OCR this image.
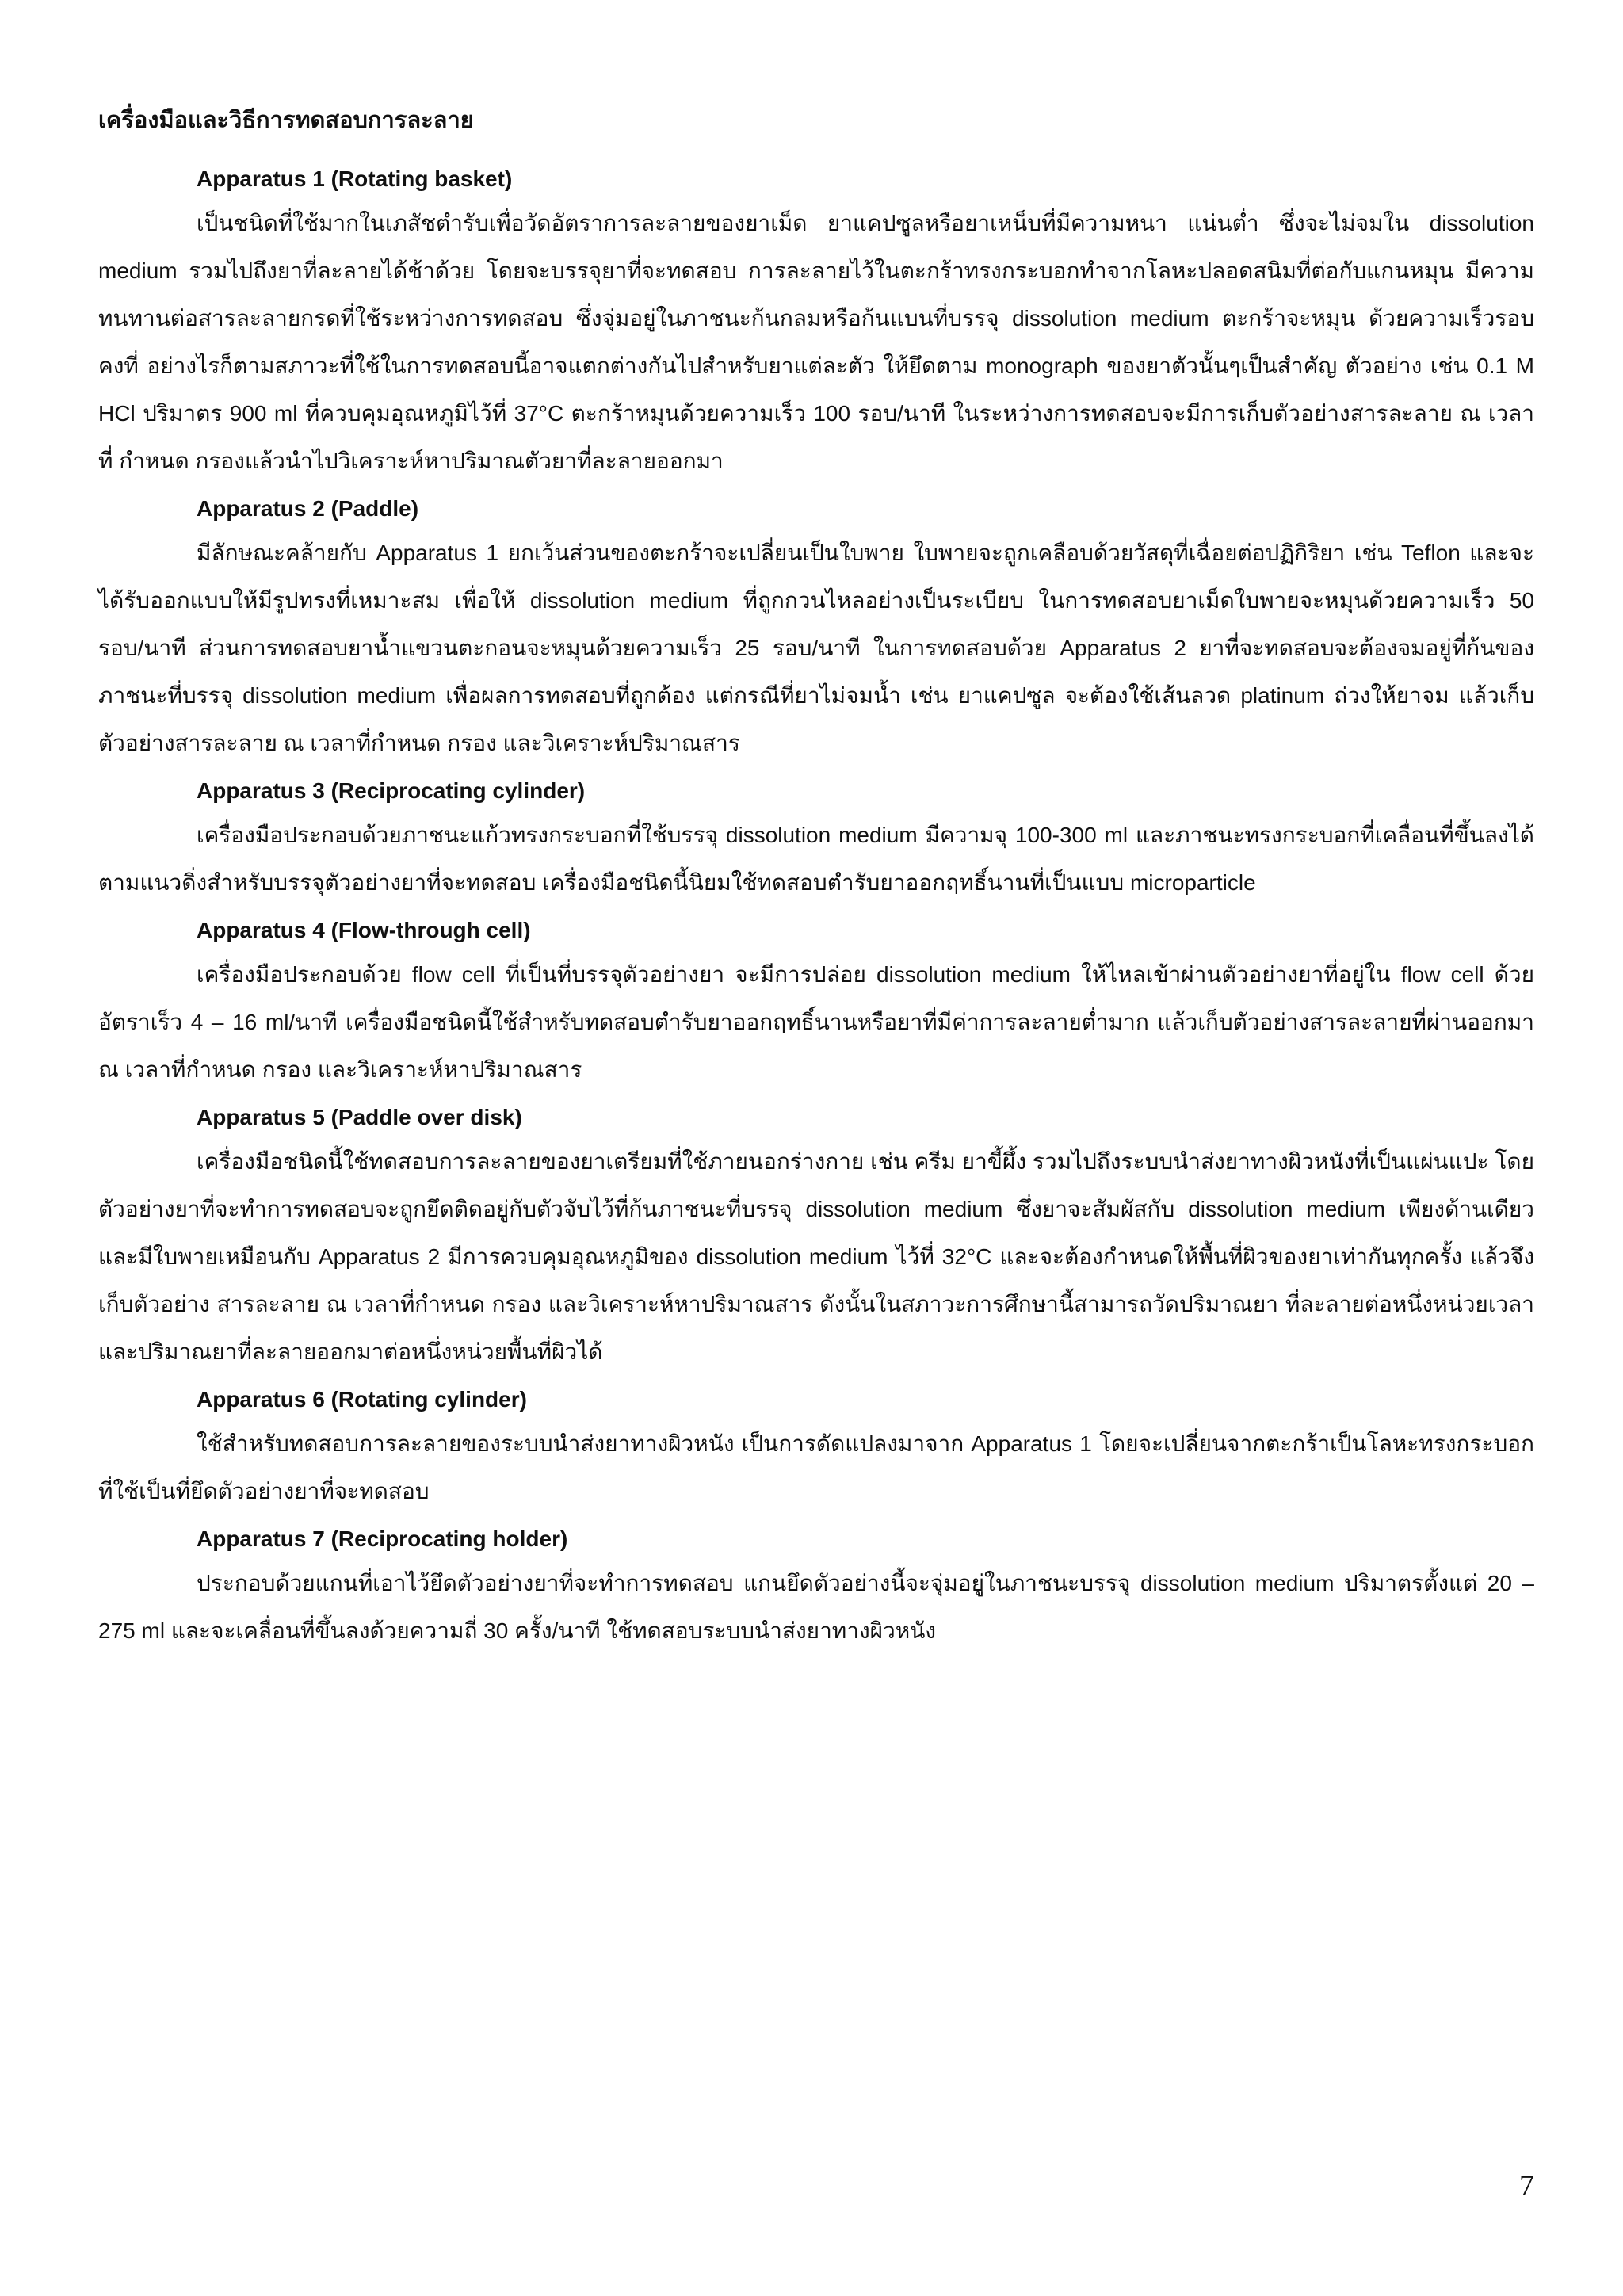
เครื่องมือและวิธีการทดสอบการละลาย
Apparatus 1 (Rotating basket)

เป็นชนิดที่ใช้มากในเภสัชตำรับเพื่อวัดอัตราการละลายของยาเม็ด ยาแคปซูลหรือยาเหน็บที่มีความหนา แน่นต่ำ ซึ่งจะไม่จมใน dissolution medium รวมไปถึงยาที่ละลายได้ช้าด้วย โดยจะบรรจุยาที่จะทดสอบ การละลายไว้ในตะกร้าทรงกระบอกทำจากโลหะปลอดสนิมที่ต่อกับแกนหมุน มีความทนทานต่อสารละลายกรดที่ใช้ระหว่างการทดสอบ ซึ่งจุ่มอยู่ในภาชนะก้นกลมหรือก้นแบนที่บรรจุ dissolution medium ตะกร้าจะหมุน ด้วยความเร็วรอบคงที่ อย่างไรก็ตามสภาวะที่ใช้ในการทดสอบนี้อาจแตกต่างกันไปสำหรับยาแต่ละตัว ให้ยึดตาม monograph ของยาตัวนั้นๆเป็นสำคัญ ตัวอย่าง เช่น 0.1 M HCl ปริมาตร 900 ml ที่ควบคุมอุณหภูมิไว้ที่ 37°C ตะกร้าหมุนด้วยความเร็ว 100 รอบ/นาที ในระหว่างการทดสอบจะมีการเก็บตัวอย่างสารละลาย ณ เวลาที่ กำหนด กรองแล้วนำไปวิเคราะห์หาปริมาณตัวยาที่ละลายออกมา

Apparatus 2 (Paddle)

มีลักษณะคล้ายกับ Apparatus 1 ยกเว้นส่วนของตะกร้าจะเปลี่ยนเป็นใบพาย ใบพายจะถูกเคลือบด้วยวัสดุที่เฉื่อยต่อปฏิกิริยา เช่น Teflon และจะได้รับออกแบบให้มีรูปทรงที่เหมาะสม เพื่อให้ dissolution medium ที่ถูกกวนไหลอย่างเป็นระเบียบ ในการทดสอบยาเม็ดใบพายจะหมุนด้วยความเร็ว 50 รอบ/นาที ส่วนการทดสอบยาน้ำแขวนตะกอนจะหมุนด้วยความเร็ว 25 รอบ/นาที ในการทดสอบด้วย Apparatus 2 ยาที่จะทดสอบจะต้องจมอยู่ที่ก้นของภาชนะที่บรรจุ dissolution medium เพื่อผลการทดสอบที่ถูกต้อง แต่กรณีที่ยาไม่จมน้ำ เช่น ยาแคปซูล จะต้องใช้เส้นลวด platinum ถ่วงให้ยาจม แล้วเก็บตัวอย่างสารละลาย ณ เวลาที่กำหนด กรอง และวิเคราะห์ปริมาณสาร

Apparatus 3 (Reciprocating cylinder)

เครื่องมือประกอบด้วยภาชนะแก้วทรงกระบอกที่ใช้บรรจุ dissolution medium มีความจุ 100-300 ml และภาชนะทรงกระบอกที่เคลื่อนที่ขึ้นลงได้ตามแนวดิ่งสำหรับบรรจุตัวอย่างยาที่จะทดสอบ เครื่องมือชนิดนี้นิยมใช้ทดสอบตำรับยาออกฤทธิ์นานที่เป็นแบบ microparticle

Apparatus 4 (Flow-through cell)

เครื่องมือประกอบด้วย flow cell ที่เป็นที่บรรจุตัวอย่างยา จะมีการปล่อย dissolution medium ให้ไหลเข้าผ่านตัวอย่างยาที่อยู่ใน flow cell ด้วยอัตราเร็ว 4 – 16 ml/นาที เครื่องมือชนิดนี้ใช้สำหรับทดสอบตำรับยาออกฤทธิ์นานหรือยาที่มีค่าการละลายต่ำมาก แล้วเก็บตัวอย่างสารละลายที่ผ่านออกมา ณ เวลาที่กำหนด กรอง และวิเคราะห์หาปริมาณสาร

Apparatus 5 (Paddle over disk)

เครื่องมือชนิดนี้ใช้ทดสอบการละลายของยาเตรียมที่ใช้ภายนอกร่างกาย เช่น ครีม ยาขี้ผึ้ง รวมไปถึงระบบนำส่งยาทางผิวหนังที่เป็นแผ่นแปะ โดยตัวอย่างยาที่จะทำการทดสอบจะถูกยึดติดอยู่กับตัวจับไว้ที่ก้นภาชนะที่บรรจุ dissolution medium ซึ่งยาจะสัมผัสกับ dissolution medium เพียงด้านเดียว และมีใบพายเหมือนกับ Apparatus 2 มีการควบคุมอุณหภูมิของ dissolution medium ไว้ที่ 32°C และจะต้องกำหนดให้พื้นที่ผิวของยาเท่ากันทุกครั้ง แล้วจึงเก็บตัวอย่าง สารละลาย ณ เวลาที่กำหนด กรอง และวิเคราะห์หาปริมาณสาร ดังนั้นในสภาวะการศึกษานี้สามารถวัดปริมาณยา ที่ละลายต่อหนึ่งหน่วยเวลา และปริมาณยาที่ละลายออกมาต่อหนึ่งหน่วยพื้นที่ผิวได้

Apparatus 6 (Rotating cylinder)

ใช้สำหรับทดสอบการละลายของระบบนำส่งยาทางผิวหนัง เป็นการดัดแปลงมาจาก Apparatus 1 โดยจะเปลี่ยนจากตะกร้าเป็นโลหะทรงกระบอกที่ใช้เป็นที่ยึดตัวอย่างยาที่จะทดสอบ

Apparatus 7 (Reciprocating holder)

ประกอบด้วยแกนที่เอาไว้ยึดตัวอย่างยาที่จะทำการทดสอบ แกนยึดตัวอย่างนี้จะจุ่มอยู่ในภาชนะบรรจุ dissolution medium ปริมาตรตั้งแต่ 20 – 275 ml และจะเคลื่อนที่ขึ้นลงด้วยความถี่ 30 ครั้ง/นาที ใช้ทดสอบระบบนำส่งยาทางผิวหนัง

7
